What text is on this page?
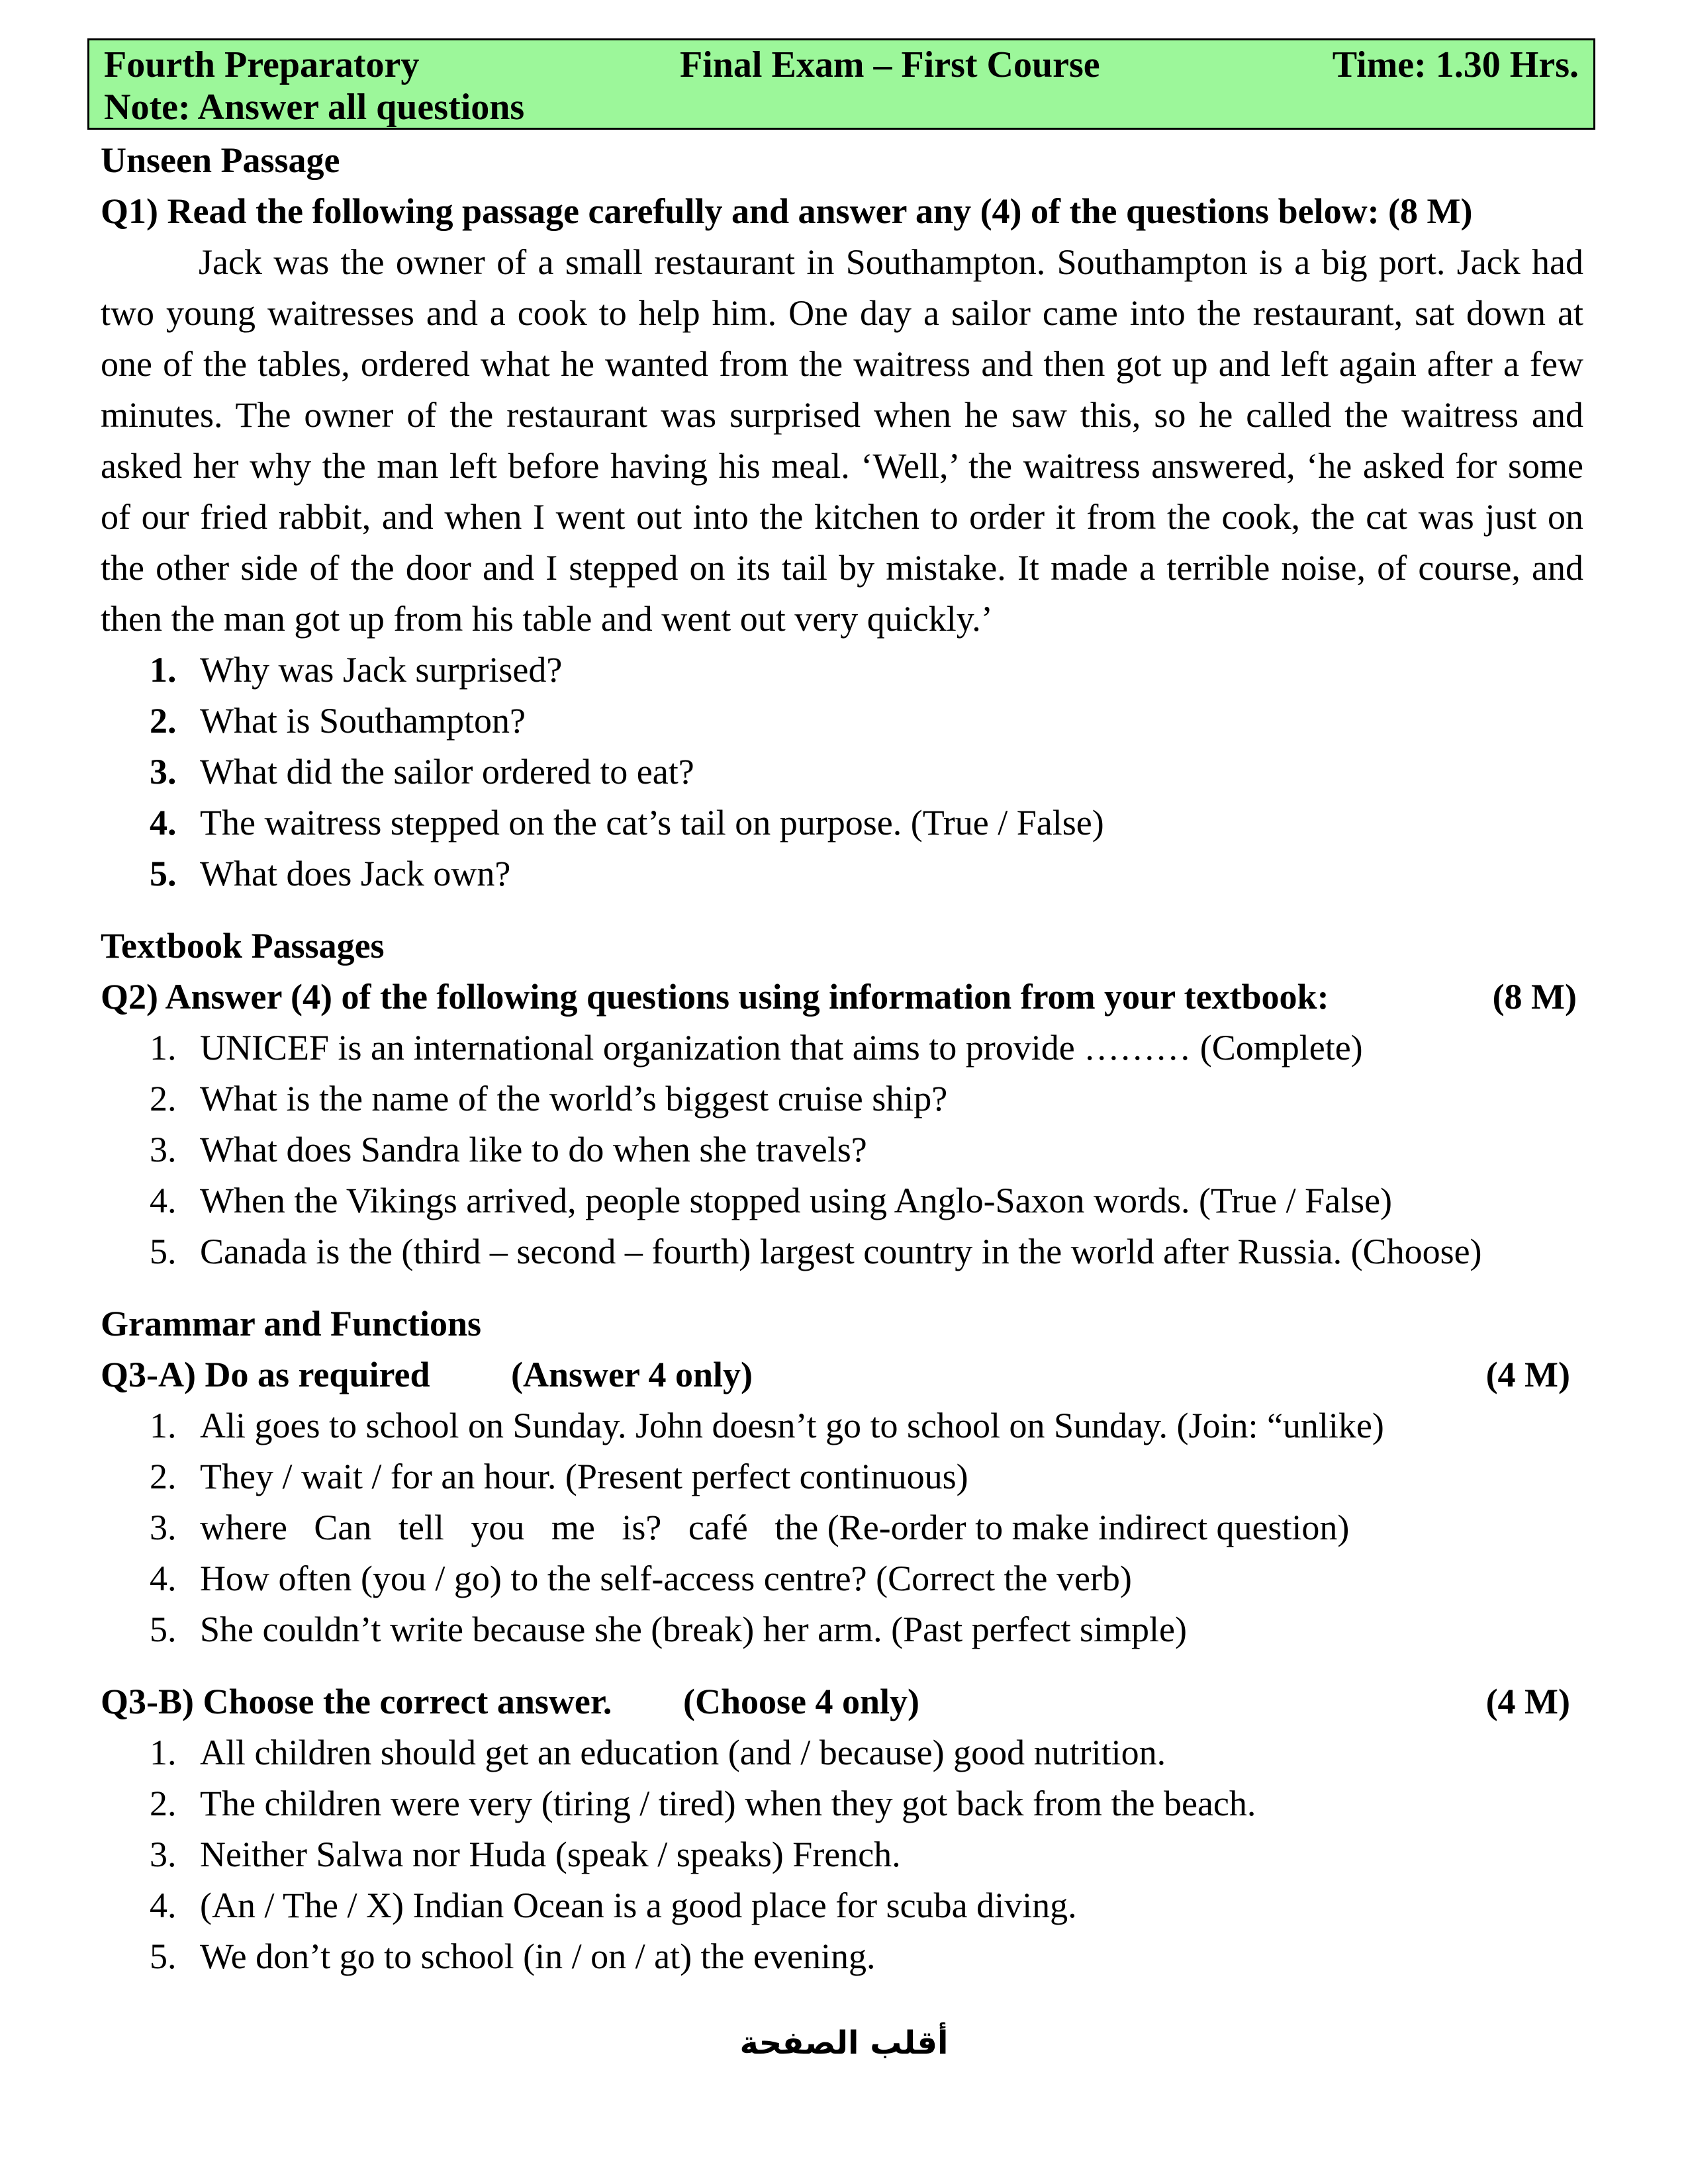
Fourth Preparatory	Final Exam – First Course	Time: 1.30 Hrs.
Note: Answer all questions
Unseen Passage
Q1) Read the following passage carefully and answer any (4) of the questions below: (8 M)

Jack was the owner of a small restaurant in Southampton. Southampton is a big port. Jack had two young waitresses and a cook to help him. One day a sailor came into the restaurant, sat down at one of the tables, ordered what he wanted from the waitress and then got up and left again after a few minutes. The owner of the restaurant was surprised when he saw this, so he called the waitress and asked her why the man left before having his meal. ‘Well,’ the waitress answered, ‘he asked for some of our fried rabbit, and when I went out into the kitchen to order it from the cook, the cat was just on the other side of the door and I stepped on its tail by mistake. It made a terrible noise, of course, and then the man got up from his table and went out very quickly.’

1. Why was Jack surprised?
2. What is Southampton?
3. What did the sailor ordered to eat?
4. The waitress stepped on the cat’s tail on purpose. (True / False)
5. What does Jack own?
Textbook Passages
Q2) Answer (4) of the following questions using information from your textbook:	(8 M)
1. UNICEF is an international organization that aims to provide ……… (Complete)
2. What is the name of the world’s biggest cruise ship?
3. What does Sandra like to do when she travels?
4. When the Vikings arrived, people stopped using Anglo-Saxon words. (True / False)
5. Canada is the (third – second – fourth) largest country in the world after Russia. (Choose)
Grammar and Functions
Q3-A) Do as required (Answer 4 only)	(4 M)
1. Ali goes to school on Sunday. John doesn’t go to school on Sunday. (Join: “unlike)
2. They / wait / for an hour. (Present perfect continuous)
3. where   Can   tell   you   me   is?   café   the (Re-order to make indirect question)
4. How often (you / go) to the self-access centre? (Correct the verb)
5. She couldn’t write because she (break) her arm. (Past perfect simple)
Q3-B) Choose the correct answer. (Choose 4 only)	(4 M)
1. All children should get an education (and / because) good nutrition.
2. The children were very (tiring / tired) when they got back from the beach.
3. Neither Salwa nor Huda (speak / speaks) French.
4. (An / The / X) Indian Ocean is a good place for scuba diving.
5. We don’t go to school (in / on / at) the evening.
أقلب الصفحة
